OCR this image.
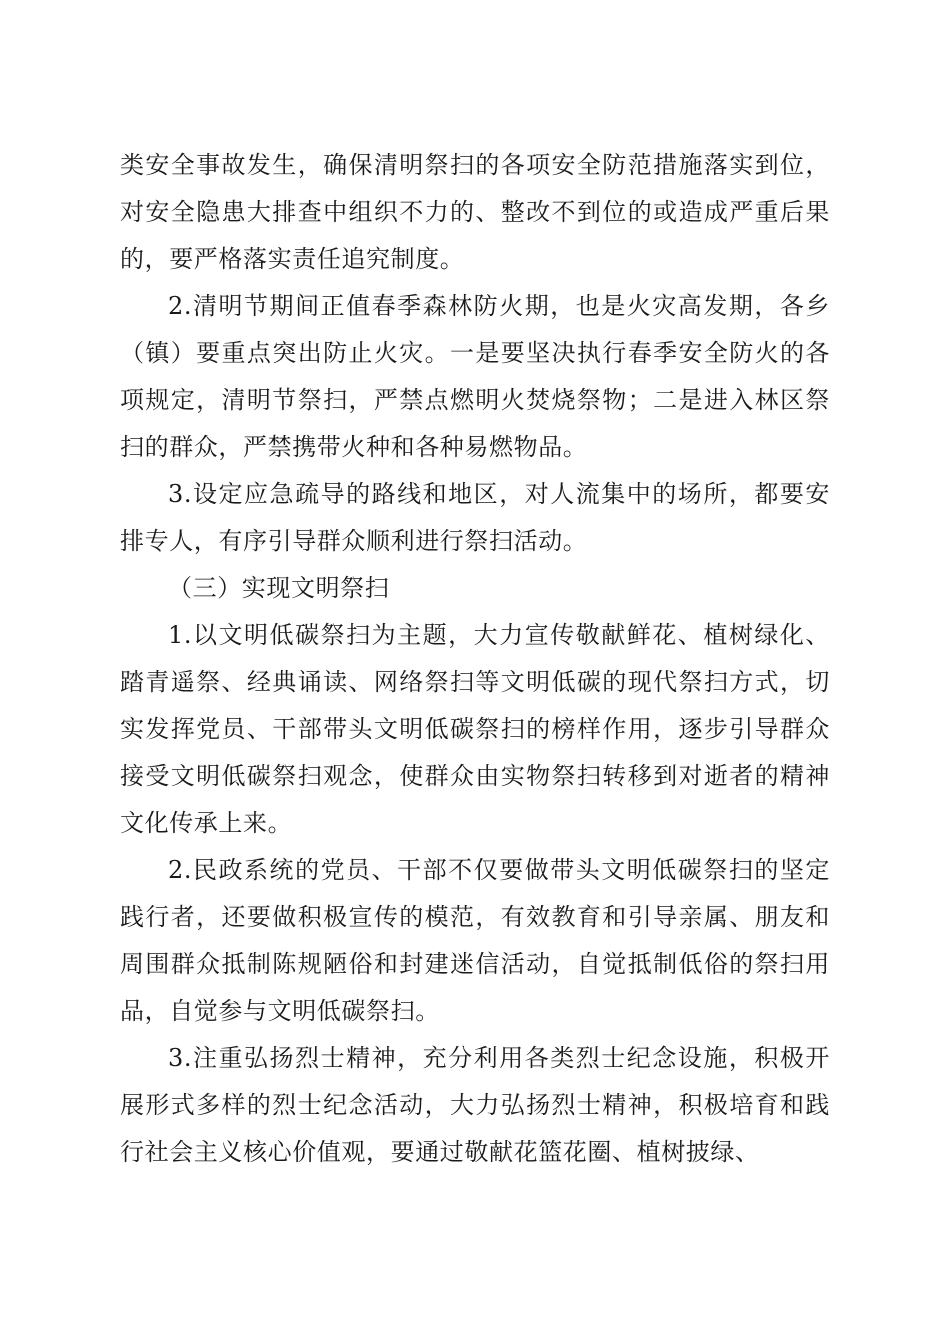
类安全事故发生，确保清明祭扫的各项安全防范措施落实到位，对安全隐患大排查中组织不力的、整改不到位的或造成严重后果的，要严格落实责任追究制度。

2.清明节期间正值春季森林防火期，也是火灾高发期，各乡（镇）要重点突出防止火灾。一是要坚决执行春季安全防火的各项规定，清明节祭扫，严禁点燃明火焚烧祭物；二是进入林区祭扫的群众，严禁携带火种和各种易燃物品。

3.设定应急疏导的路线和地区，对人流集中的场所，都要安排专人，有序引导群众顺利进行祭扫活动。

（三）实现文明祭扫

1.以文明低碳祭扫为主题，大力宣传敬献鲜花、植树绿化、踏青遥祭、经典诵读、网络祭扫等文明低碳的现代祭扫方式，切实发挥党员、干部带头文明低碳祭扫的榜样作用，逐步引导群众接受文明低碳祭扫观念，使群众由实物祭扫转移到对逝者的精神文化传承上来。

2.民政系统的党员、干部不仅要做带头文明低碳祭扫的坚定践行者，还要做积极宣传的模范，有效教育和引导亲属、朋友和周围群众抵制陈规陋俗和封建迷信活动，自觉抵制低俗的祭扫用品，自觉参与文明低碳祭扫。

3.注重弘扬烈士精神，充分利用各类烈士纪念设施，积极开展形式多样的烈士纪念活动，大力弘扬烈士精神，积极培育和践行社会主义核心价值观，要通过敬献花篮花圈、植树披绿、
